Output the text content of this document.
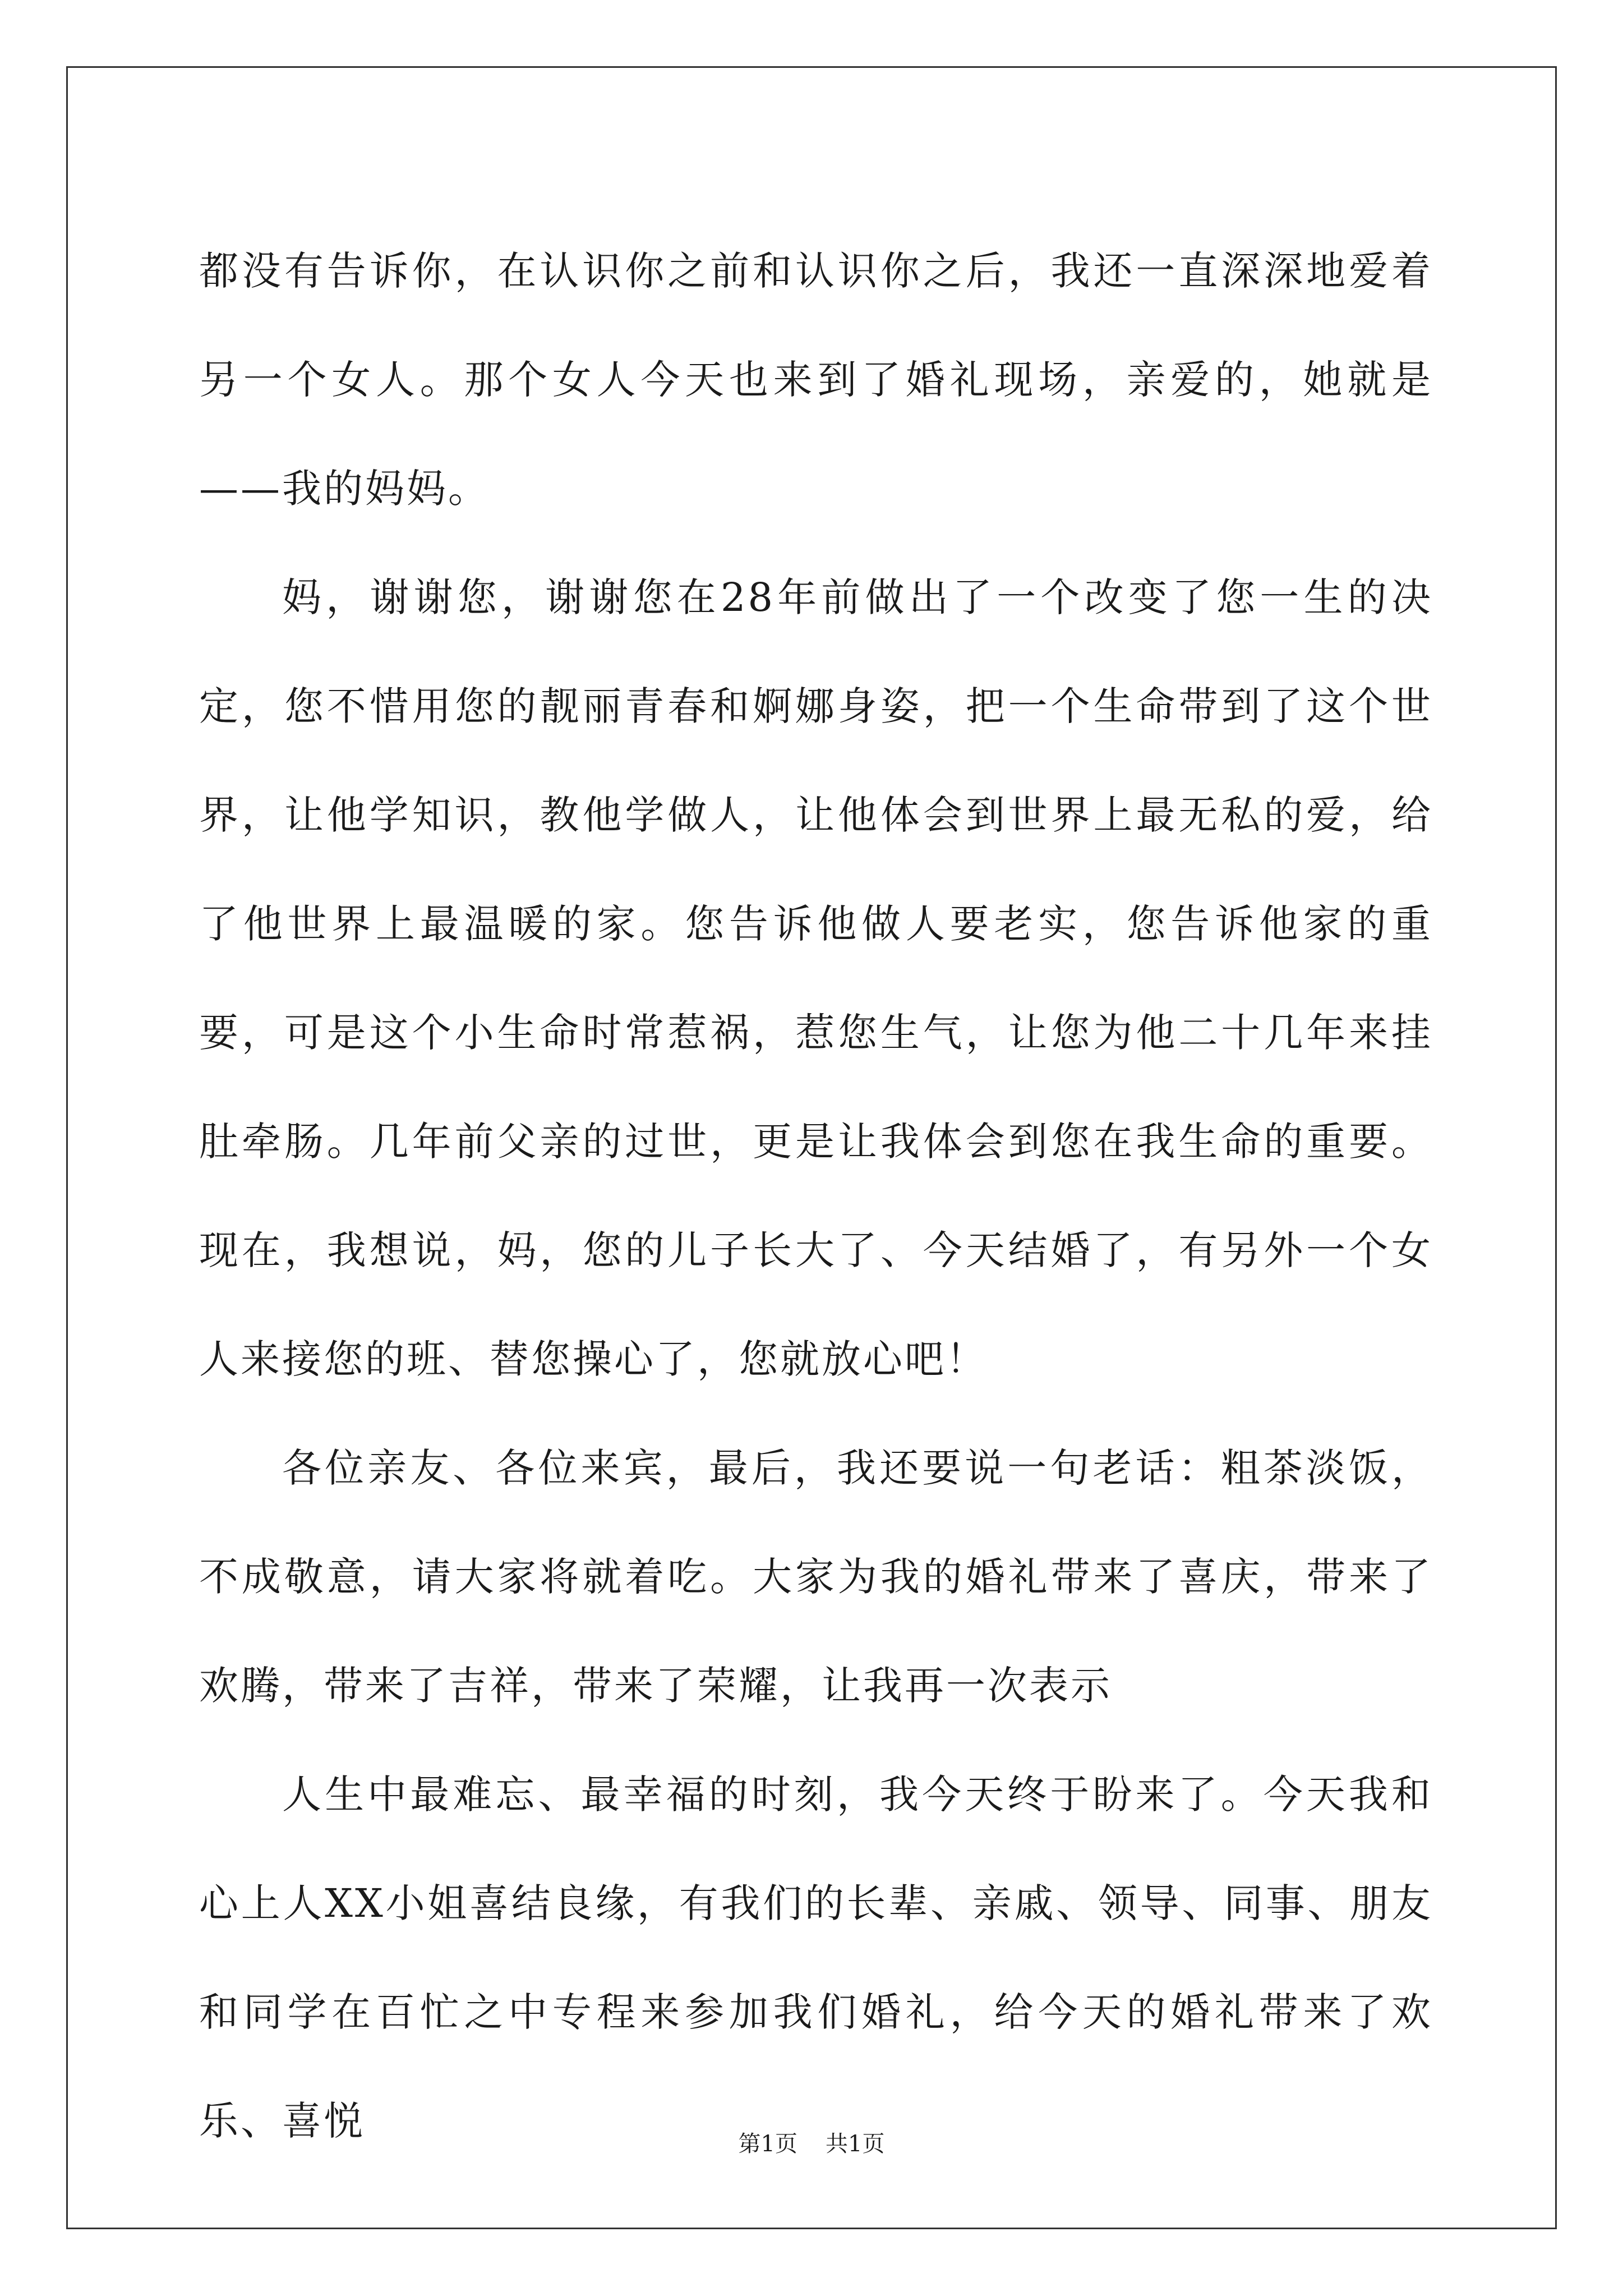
都没有告诉你，在认识你之前和认识你之后，我还一直深深地爱着另一个女人。那个女人今天也来到了婚礼现场，亲爱的，她就是——我的妈妈。

妈，谢谢您，谢谢您在28年前做出了一个改变了您一生的决定，您不惜用您的靓丽青春和婀娜身姿，把一个生命带到了这个世界，让他学知识，教他学做人，让他体会到世界上最无私的爱，给了他世界上最温暖的家。您告诉他做人要老实，您告诉他家的重要，可是这个小生命时常惹祸，惹您生气，让您为他二十几年来挂肚牵肠。几年前父亲的过世，更是让我体会到您在我生命的重要。现在，我想说，妈，您的儿子长大了、今天结婚了，有另外一个女人来接您的班、替您操心了，您就放心吧！

各位亲友、各位来宾，最后，我还要说一句老话：粗茶淡饭，不成敬意，请大家将就着吃。大家为我的婚礼带来了喜庆，带来了欢腾，带来了吉祥，带来了荣耀，让我再一次表示

人生中最难忘、最幸福的时刻，我今天终于盼来了。今天我和心上人XX小姐喜结良缘，有我们的长辈、亲戚、领导、同事、朋友和同学在百忙之中专程来参加我们婚礼，给今天的婚礼带来了欢乐、喜悦	第1页 共1页
